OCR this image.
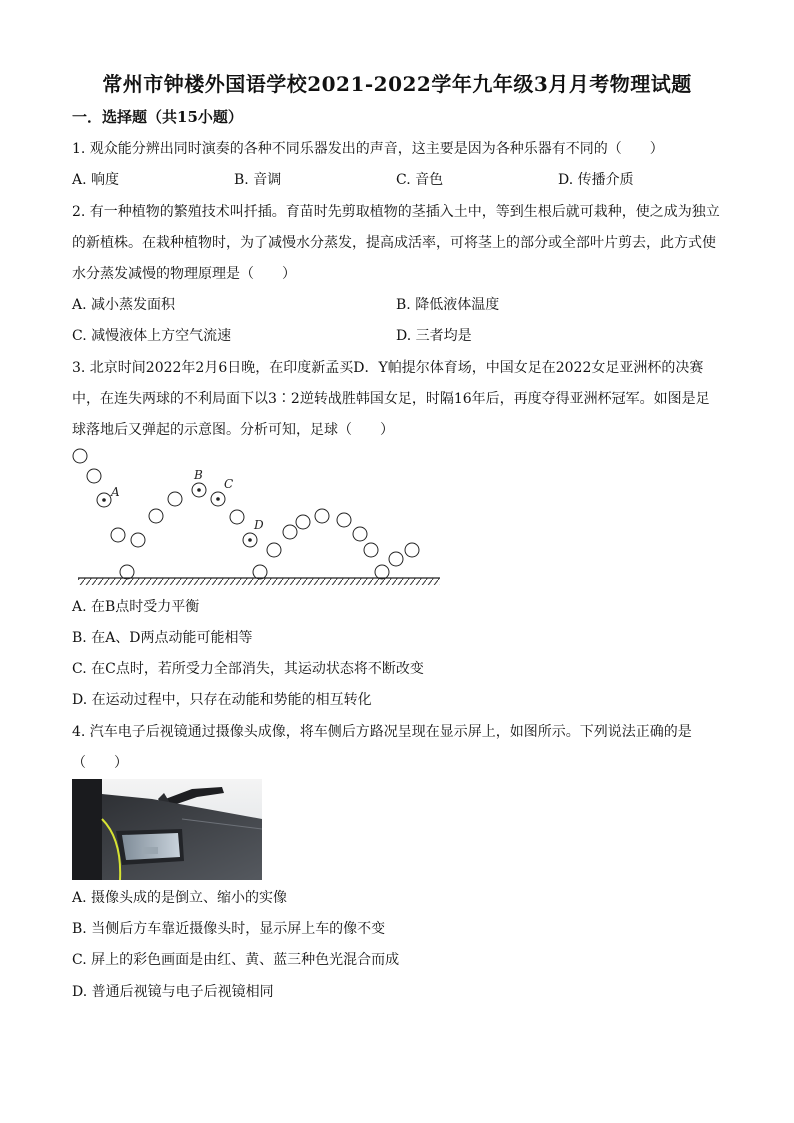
常州市钟楼外国语学校2021-2022学年九年级3月月考物理试题
一．选择题（共15小题）
1. 观众能分辨出同时演奏的各种不同乐器发出的声音，这主要是因为各种乐器有不同的（　　）
A. 响度	B. 音调	C. 音色	D. 传播介质
2. 有一种植物的繁殖技术叫扦插。育苗时先剪取植物的茎插入土中，等到生根后就可栽种，使之成为独立
的新植株。在栽种植物时，为了减慢水分蒸发，提高成活率，可将茎上的部分或全部叶片剪去，此方式使
水分蒸发减慢的物理原理是（　　）
A. 减小蒸发面积	B. 降低液体温度
C. 减慢液体上方空气流速	D. 三者均是
3. 北京时间2022年2月6日晚，在印度新孟买D．Y帕提尔体育场，中国女足在2022女足亚洲杯的决赛
中，在连失两球的不利局面下以3∶2逆转战胜韩国女足，时隔16年后，再度夺得亚洲杯冠军。如图是足
球落地后又弹起的示意图。分析可知，足球（　　）
A
B
C
D
A. 在B点时受力平衡
B. 在A、D两点动能可能相等
C. 在C点时，若所受力全部消失，其运动状态将不断改变
D. 在运动过程中，只存在动能和势能的相互转化
4. 汽车电子后视镜通过摄像头成像，将车侧后方路况呈现在显示屏上，如图所示。下列说法正确的是
（　　）
A. 摄像头成的是倒立、缩小的实像
B. 当侧后方车靠近摄像头时，显示屏上车的像不变
C. 屏上的彩色画面是由红、黄、蓝三种色光混合而成
D. 普通后视镜与电子后视镜相同
